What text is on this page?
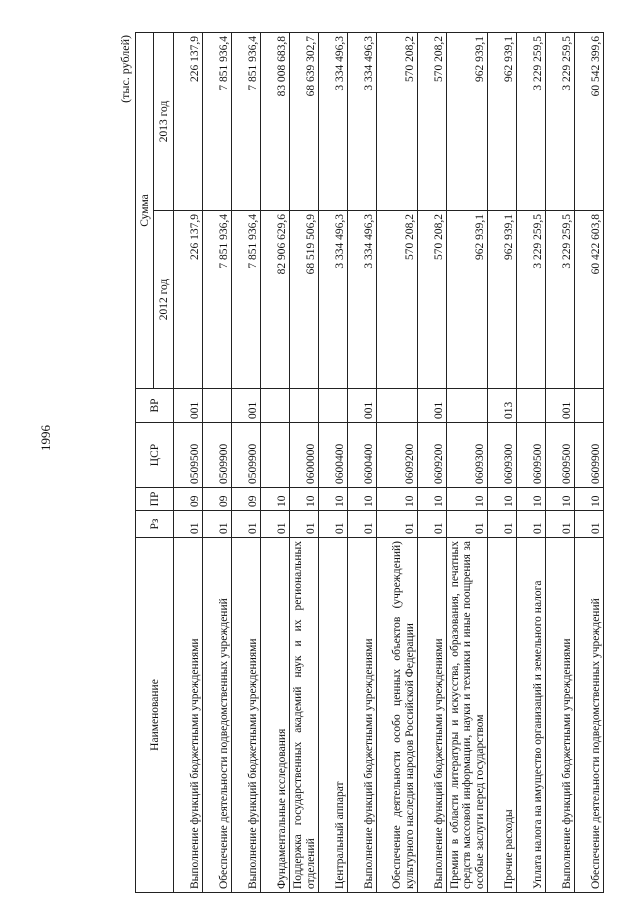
1996
(тыс. рублей)
Наименование	Рз	ПР	ЦСР	ВР	Сумма	
					2012 год	2013 год
Выполнение функций бюджетными учреждениями	01	09	0509500	001	226 137,9	226 137,9
Обеспечение деятельности подведомственных учреждений	01	09	0509900		7 851 936,4	7 851 936,4
Выполнение функций бюджетными учреждениями	01	09	0509900	001	7 851 936,4	7 851 936,4
Фундаментальные исследования	01	10			82 906 629,6	83 008 683,8
Поддержка государственных академий наук и их региональных отделений	01	10	0600000		68 519 506,9	68 639 302,7
Центральный аппарат	01	10	0600400		3 334 496,3	3 334 496,3
Выполнение функций бюджетными учреждениями	01	10	0600400	001	3 334 496,3	3 334 496,3
Обеспечение деятельности особо ценных объектов (учреждений) культурного наследия народов Российской Федерации	01	10	0609200		570 208,2	570 208,2
Выполнение функций бюджетными учреждениями	01	10	0609200	001	570 208,2	570 208,2
Премии в области литературы и искусства, образования, печатных средств массовой информации, науки и техники и иные поощрения за особые заслуги перед государством	01	10	0609300		962 939,1	962 939,1
Прочие расходы	01	10	0609300	013	962 939,1	962 939,1
Уплата налога на имущество организаций и земельного налога	01	10	0609500		3 229 259,5	3 229 259,5
Выполнение функций бюджетными учреждениями	01	10	0609500	001	3 229 259,5	3 229 259,5
Обеспечение деятельности подведомственных учреждений	01	10	0609900		60 422 603,8	60 542 399,6
